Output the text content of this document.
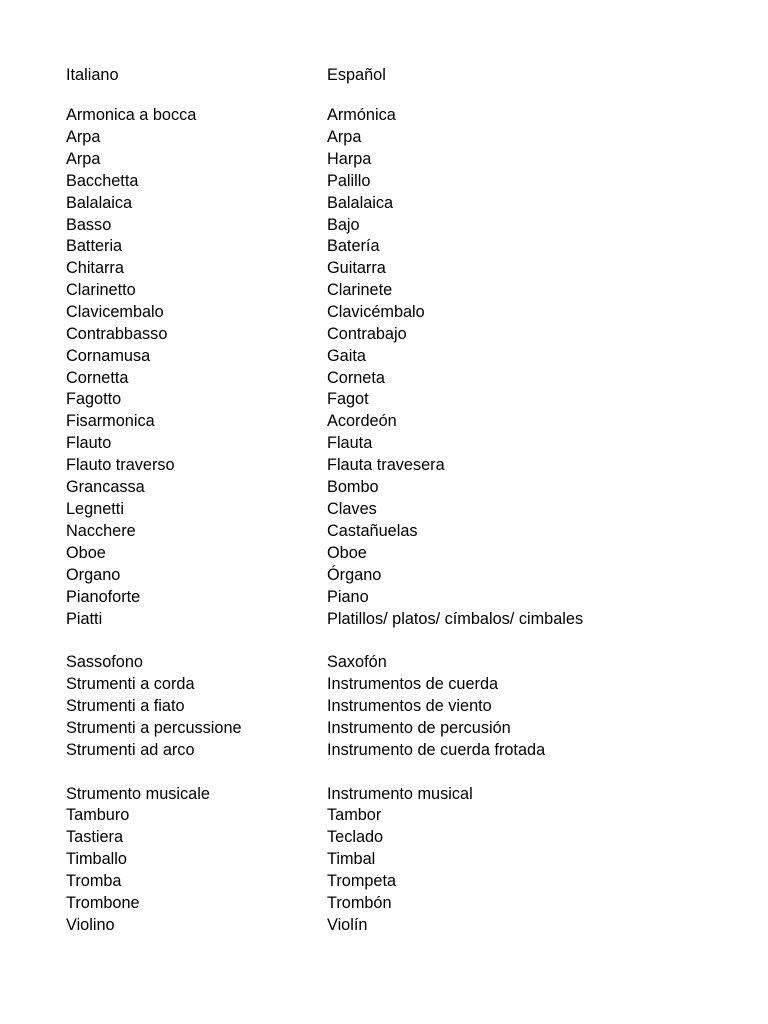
Italiano	Español
Armonica a bocca	Armónica
Arpa	Arpa
Arpa	Harpa
Bacchetta	Palillo
Balalaica	Balalaica
Basso	Bajo
Batteria	Batería
Chitarra	Guitarra
Clarinetto	Clarinete
Clavicembalo	Clavicémbalo
Contrabbasso	Contrabajo
Cornamusa	Gaita
Cornetta	Corneta
Fagotto	Fagot
Fisarmonica	Acordeón
Flauto	Flauta
Flauto traverso	Flauta travesera
Grancassa	Bombo
Legnetti	Claves
Nacchere	Castañuelas
Oboe	Oboe
Organo	Órgano
Pianoforte	Piano
Piatti	Platillos/ platos/ címbalos/ cimbales
Sassofono	Saxofón
Strumenti a corda	Instrumentos de cuerda
Strumenti a fiato	Instrumentos de viento
Strumenti a percussione	Instrumento de percusión
Strumenti ad arco	Instrumento de cuerda frotada
Strumento musicale	Instrumento musical
Tamburo	Tambor
Tastiera	Teclado
Timballo	Timbal
Tromba	Trompeta
Trombone	Trombón
Violino	Violín
